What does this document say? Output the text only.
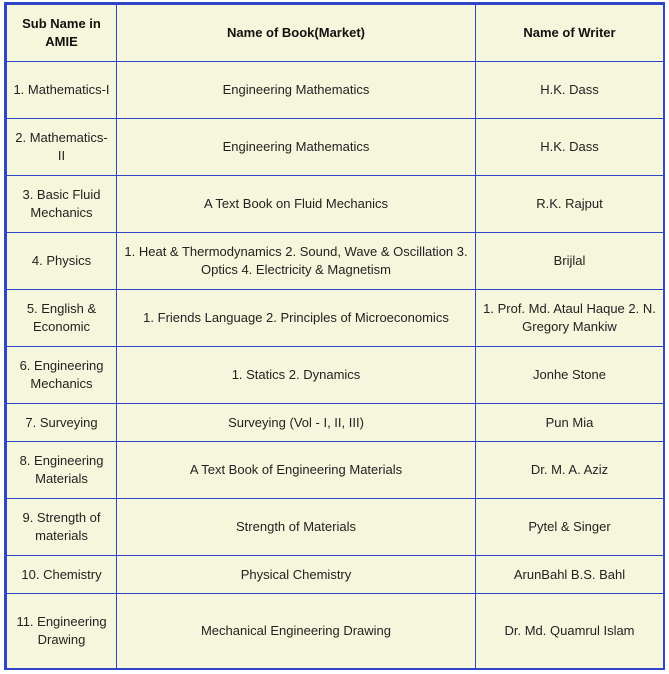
Sub Name in AMIE	Name of Book(Market)	Name of Writer
1. Mathematics-I	Engineering Mathematics	H.K. Dass
2. Mathematics-II	Engineering Mathematics	H.K. Dass
3. Basic Fluid Mechanics	A Text Book on Fluid Mechanics	R.K. Rajput
4. Physics	1. Heat & Thermodynamics 2. Sound, Wave & Oscillation 3. Optics 4. Electricity & Magnetism	Brijlal
5. English & Economic	1. Friends Language 2. Principles of Microeconomics	1. Prof. Md. Ataul Haque 2. N. Gregory Mankiw
6. Engineering Mechanics	1. Statics 2. Dynamics	Jonhe Stone
7. Surveying	Surveying (Vol - I, II, III)	Pun Mia
8. Engineering Materials	A Text Book of Engineering Materials	Dr. M. A. Aziz
9. Strength of materials	Strength of Materials	Pytel & Singer
10. Chemistry	Physical Chemistry	ArunBahl B.S. Bahl
11. Engineering Drawing	Mechanical Engineering Drawing	Dr. Md. Quamrul Islam
